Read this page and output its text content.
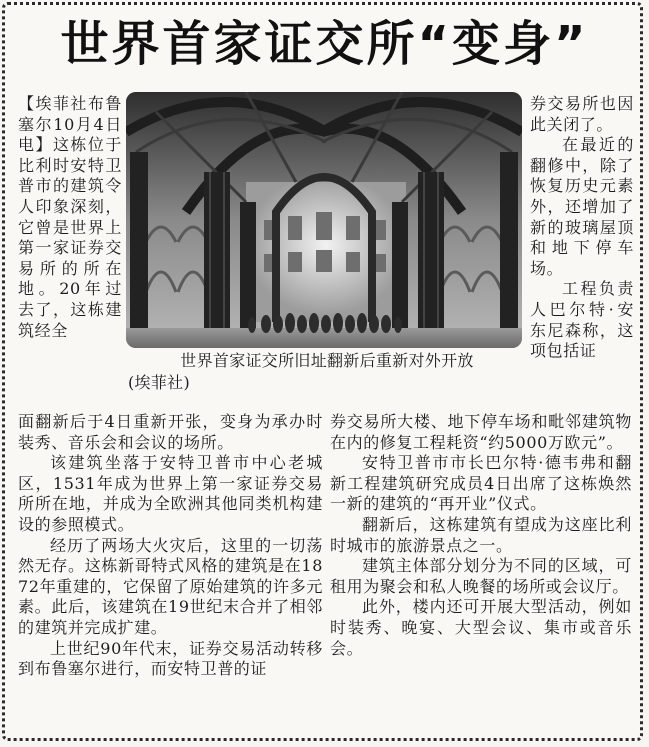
世界首家证交所“变身”
世界首家证交所旧址翻新后重新对外开放
(埃菲社)

【埃菲社布鲁塞尔10月4日电】这栋位于比利时安特卫普市的建筑令人印象深刻，它曾是世界上第一家证券交易所的所在地。20年过去了，这栋建筑经全

券交易所也因此关闭了。

在最近的翻修中，除了恢复历史元素外，还增加了新的玻璃屋顶和地下停车场。

工程负责人巴尔特·安东尼森称，这项包括证

面翻新后于4日重新开张，变身为承办时装秀、音乐会和会议的场所。

该建筑坐落于安特卫普市中心老城区，1531年成为世界上第一家证券交易所所在地，并成为全欧洲其他同类机构建设的参照模式。

经历了两场大火灾后，这里的一切荡然无存。这栋新哥特式风格的建筑是在1872年重建的，它保留了原始建筑的许多元素。此后，该建筑在19世纪末合并了相邻的建筑并完成扩建。

上世纪90年代末，证券交易活动转移到布鲁塞尔进行，而安特卫普的证

券交易所大楼、地下停车场和毗邻建筑物在内的修复工程耗资“约5000万欧元”。

安特卫普市市长巴尔特·德韦弗和翻新工程建筑研究成员4日出席了这栋焕然一新的建筑的“再开业”仪式。

翻新后，这栋建筑有望成为这座比利时城市的旅游景点之一。

建筑主体部分划分为不同的区域，可租用为聚会和私人晚餐的场所或会议厅。

此外，楼内还可开展大型活动，例如时装秀、晚宴、大型会议、集市或音乐会。
